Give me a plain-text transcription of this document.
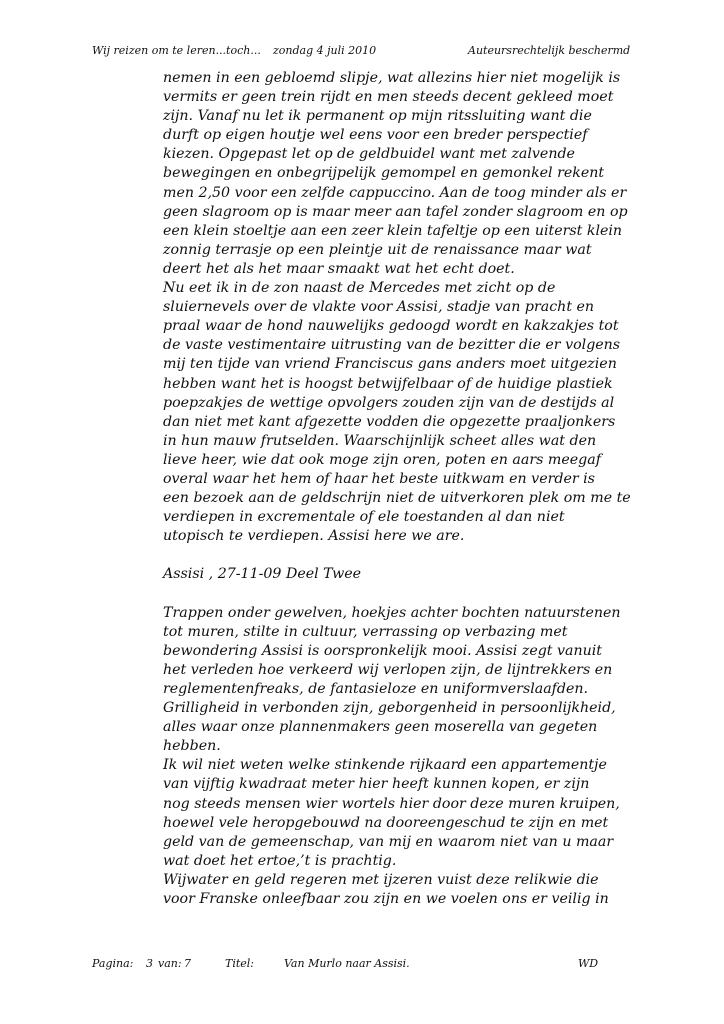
Wij reizen om te leren...toch... zondag 4 juli 2010	Auteursrechtelijk beschermd
nemen in een gebloemd slipje, wat allezins hier niet mogelijk is
vermits er geen trein rijdt en men steeds decent gekleed moet
zijn. Vanaf nu let ik permanent op mijn ritssluiting want die
durft op eigen houtje wel eens voor een breder perspectief
kiezen. Opgepast let op de geldbuidel want met zalvende
bewegingen en onbegrijpelijk gemompel en gemonkel rekent
men 2,50 voor een zelfde cappuccino. Aan de toog minder als er
geen slagroom op is maar meer aan tafel zonder slagroom en op
een klein stoeltje aan een zeer klein tafeltje op een uiterst klein
zonnig terrasje op een pleintje uit de renaissance maar wat
deert het als het maar smaakt wat het echt doet.
Nu eet ik in de zon naast de Mercedes met zicht op de
sluiernevels over de vlakte voor Assisi, stadje van pracht en
praal waar de hond nauwelijks gedoogd wordt en kakzakjes tot
de vaste vestimentaire uitrusting van de bezitter die er volgens
mij ten tijde van vriend Franciscus gans anders moet uitgezien
hebben want het is hoogst betwijfelbaar of de huidige plastiek
poepzakjes de wettige opvolgers zouden zijn van de destijds al
dan niet met kant afgezette vodden die opgezette praaljonkers
in hun mauw frutselden. Waarschijnlijk scheet alles wat den
lieve heer, wie dat ook moge zijn oren, poten en aars meegaf
overal waar het hem of haar het beste uitkwam en verder is
een bezoek aan de geldschrijn niet de uitverkoren plek om me te
verdiepen in excrementale of ele toestanden al dan niet
utopisch te verdiepen. Assisi here we are.
Assisi , 27-11-09 Deel Twee
Trappen onder gewelven, hoekjes achter bochten natuurstenen
tot muren, stilte in cultuur, verrassing op verbazing met
bewondering Assisi is oorspronkelijk mooi. Assisi zegt vanuit
het verleden hoe verkeerd wij verlopen zijn, de lijntrekkers en
reglementenfreaks, de fantasieloze en uniformverslaafden.
Grilligheid in verbonden zijn, geborgenheid in persoonlijkheid,
alles waar onze plannenmakers geen moserella van gegeten
hebben.
Ik wil niet weten welke stinkende rijkaard een appartementje
van vijftig kwadraat meter hier heeft kunnen kopen, er zijn
nog steeds mensen wier wortels hier door deze muren kruipen,
hoewel vele heropgebouwd na dooreengeschud te zijn en met
geld van de gemeenschap, van mij en waarom niet van u maar
wat doet het ertoe,’t is prachtig.
Wijwater en geld regeren met ijzeren vuist deze relikwie die
voor Franske onleefbaar zou zijn en we voelen ons er veilig in
Pagina: 3 van: 7	Titel:	Van Murlo naar Assisi.	WD
